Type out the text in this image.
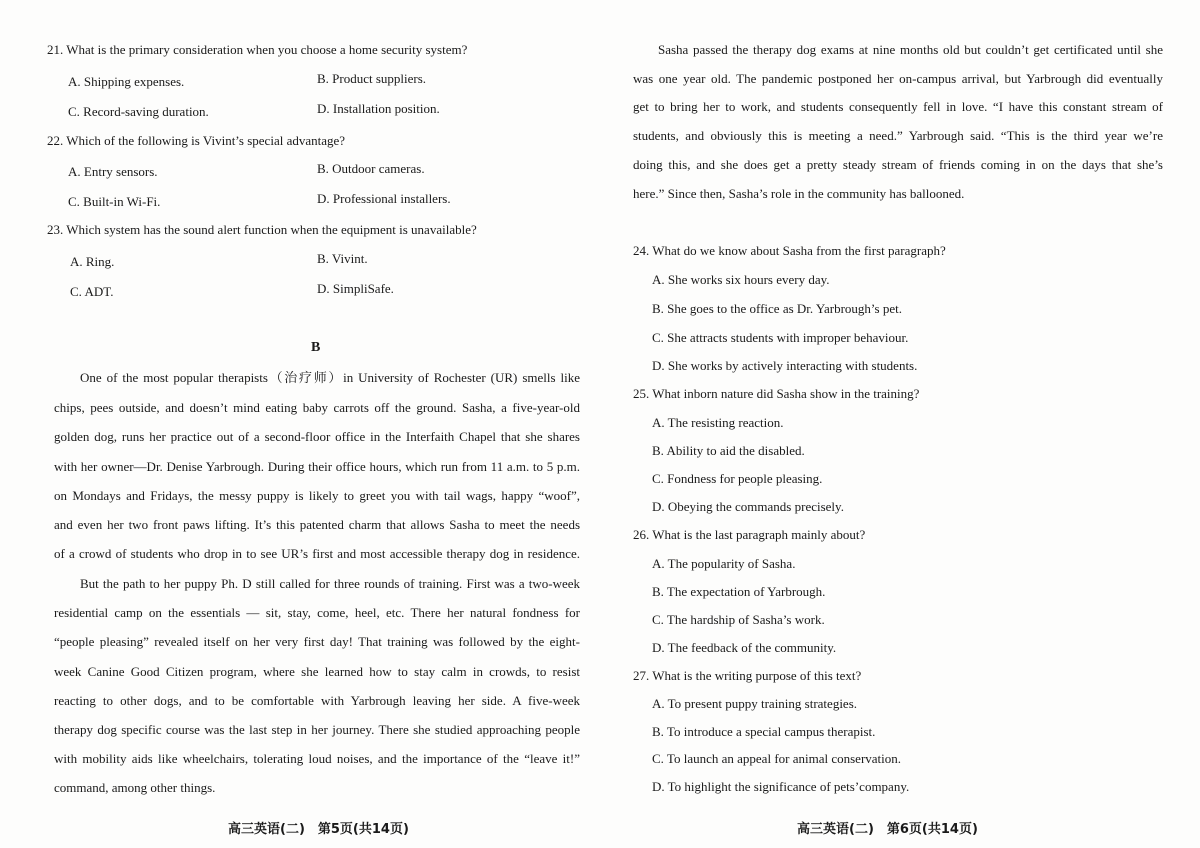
21. What is the primary consideration when you choose a home security system?
A. Shipping expenses.	B. Product suppliers.
C. Record-saving duration.	D. Installation position.
22. Which of the following is Vivint’s special advantage?
A. Entry sensors.	B. Outdoor cameras.
C. Built-in Wi-Fi.	D. Professional installers.
23. Which system has the sound alert function when the equipment is unavailable?
A. Ring.	B. Vivint.
C. ADT.	D. SimpliSafe.
B
One of the most popular therapists（治疗师）in University of Rochester (UR) smells like
chips, pees outside, and doesn’t mind eating baby carrots off the ground. Sasha, a five-year-old
golden dog, runs her practice out of a second-floor office in the Interfaith Chapel that she shares
with her owner—Dr. Denise Yarbrough. During their office hours, which run from 11 a.m. to 5 p.m.
on Mondays and Fridays, the messy puppy is likely to greet you with tail wags, happy “woof”,
and even her two front paws lifting. It’s this patented charm that allows Sasha to meet the needs
of a crowd of students who drop in to see UR’s first and most accessible therapy dog in residence.
But the path to her puppy Ph. D still called for three rounds of training. First was a two-week
residential camp on the essentials — sit, stay, come, heel, etc. There her natural fondness for
“people pleasing” revealed itself on her very first day! That training was followed by the eight-
week Canine Good Citizen program, where she learned how to stay calm in crowds, to resist
reacting to other dogs, and to be comfortable with Yarbrough leaving her side. A five-week
therapy dog specific course was the last step in her journey. There she studied approaching people
with mobility aids like wheelchairs, tolerating loud noises, and the importance of the “leave it!”
command, among other things.
高三英语(二)　第5页(共14页)
Sasha passed the therapy dog exams at nine months old but couldn’t get certificated until she
was one year old. The pandemic postponed her on-campus arrival, but Yarbrough did eventually
get to bring her to work, and students consequently fell in love. “I have this constant stream of
students, and obviously this is meeting a need.” Yarbrough said. “This is the third year we’re
doing this, and she does get a pretty steady stream of friends coming in on the days that she’s
here.” Since then, Sasha’s role in the community has ballooned.
24. What do we know about Sasha from the first paragraph?
A. She works six hours every day.
B. She goes to the office as Dr. Yarbrough’s pet.
C. She attracts students with improper behaviour.
D. She works by actively interacting with students.
25. What inborn nature did Sasha show in the training?
A. The resisting reaction.
B. Ability to aid the disabled.
C. Fondness for people pleasing.
D. Obeying the commands precisely.
26. What is the last paragraph mainly about?
A. The popularity of Sasha.
B. The expectation of Yarbrough.
C. The hardship of Sasha’s work.
D. The feedback of the community.
27. What is the writing purpose of this text?
A. To present puppy training strategies.
B. To introduce a special campus therapist.
C. To launch an appeal for animal conservation.
D. To highlight the significance of pets’company.
高三英语(二)　第6页(共14页)
